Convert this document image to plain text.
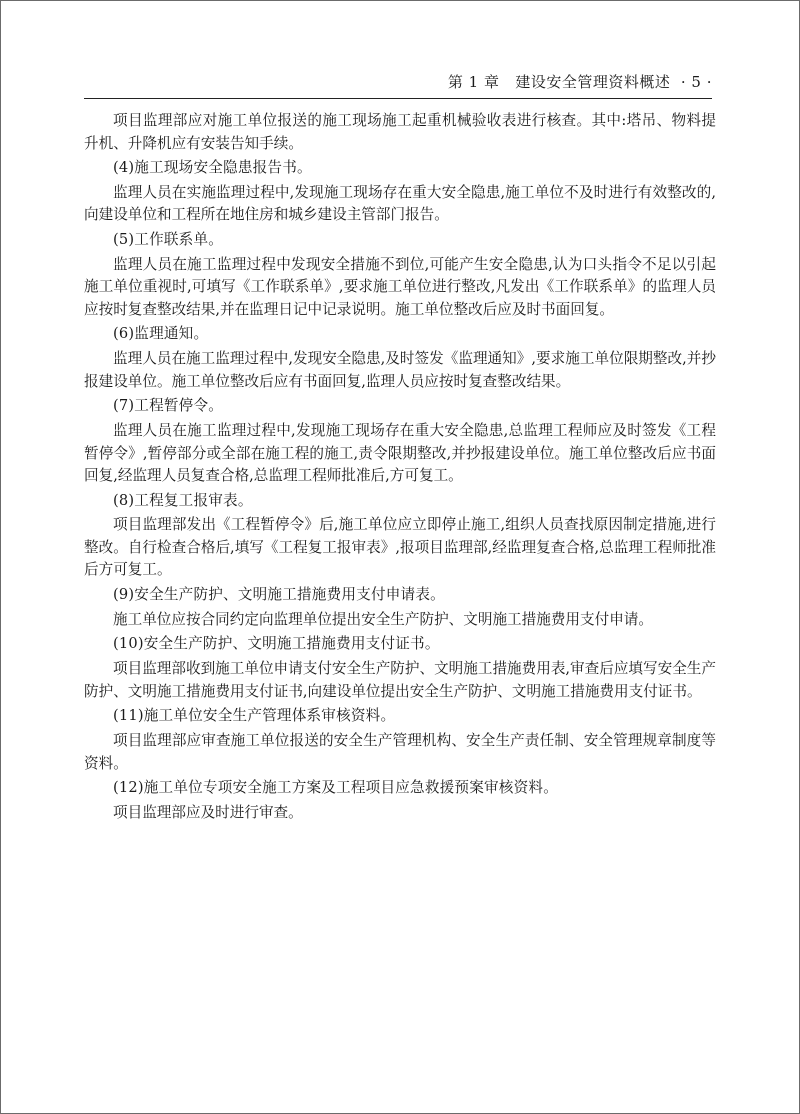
第 1 章 建设安全管理资料概述 · 5 ·

项目监理部应对施工单位报送的施工现场施工起重机械验收表进行核查。其中:塔吊、物料提升机、升降机应有安装告知手续。

(4)施工现场安全隐患报告书。

监理人员在实施监理过程中,发现施工现场存在重大安全隐患,施工单位不及时进行有效整改的,向建设单位和工程所在地住房和城乡建设主管部门报告。

(5)工作联系单。

监理人员在施工监理过程中发现安全措施不到位,可能产生安全隐患,认为口头指令不足以引起施工单位重视时,可填写《工作联系单》,要求施工单位进行整改,凡发出《工作联系单》的监理人员应按时复查整改结果,并在监理日记中记录说明。施工单位整改后应及时书面回复。

(6)监理通知。

监理人员在施工监理过程中,发现安全隐患,及时签发《监理通知》,要求施工单位限期整改,并抄报建设单位。施工单位整改后应有书面回复,监理人员应按时复查整改结果。

(7)工程暂停令。

监理人员在施工监理过程中,发现施工现场存在重大安全隐患,总监理工程师应及时签发《工程暂停令》,暂停部分或全部在施工程的施工,责令限期整改,并抄报建设单位。施工单位整改后应书面回复,经监理人员复查合格,总监理工程师批准后,方可复工。

(8)工程复工报审表。

项目监理部发出《工程暂停令》后,施工单位应立即停止施工,组织人员查找原因制定措施,进行整改。自行检查合格后,填写《工程复工报审表》,报项目监理部,经监理复查合格,总监理工程师批准后方可复工。

(9)安全生产防护、文明施工措施费用支付申请表。

施工单位应按合同约定向监理单位提出安全生产防护、文明施工措施费用支付申请。

(10)安全生产防护、文明施工措施费用支付证书。

项目监理部收到施工单位申请支付安全生产防护、文明施工措施费用表,审查后应填写安全生产防护、文明施工措施费用支付证书,向建设单位提出安全生产防护、文明施工措施费用支付证书。

(11)施工单位安全生产管理体系审核资料。

项目监理部应审查施工单位报送的安全生产管理机构、安全生产责任制、安全管理规章制度等资料。

(12)施工单位专项安全施工方案及工程项目应急救援预案审核资料。

项目监理部应及时进行审查。
